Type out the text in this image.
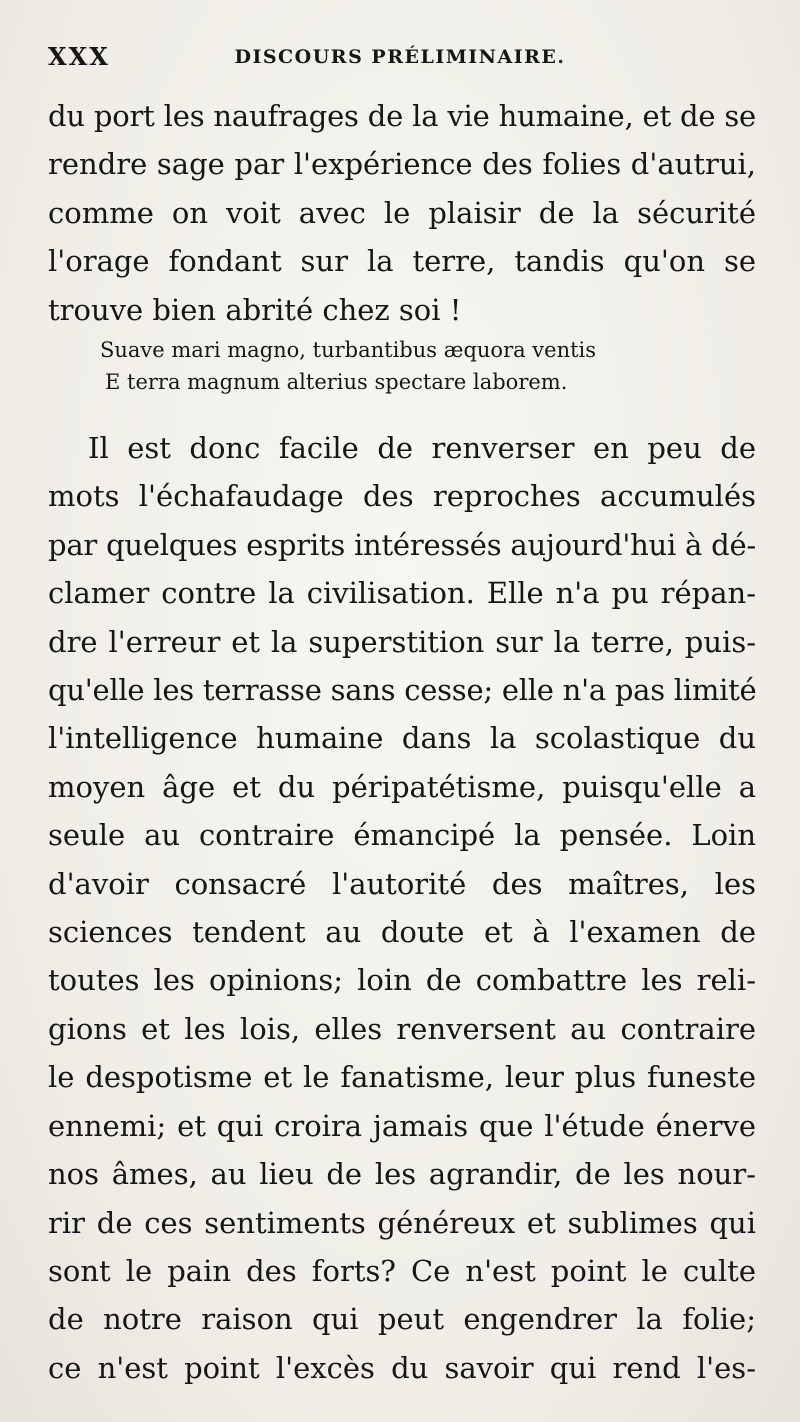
XXX	DISCOURS PRÉLIMINAIRE.
du port les naufrages de la vie humaine, et de se
rendre sage par l'expérience des folies d'autrui,
comme on voit avec le plaisir de la sécurité
l'orage fondant sur la terre, tandis qu'on se
trouve bien abrité chez soi !
Suave mari magno, turbantibus æquora ventis
E terra magnum alterius spectare laborem.
Il est donc facile de renverser en peu de
mots l'échafaudage des reproches accumulés
par quelques esprits intéressés aujourd'hui à dé-
clamer contre la civilisation. Elle n'a pu répan-
dre l'erreur et la superstition sur la terre, puis-
qu'elle les terrasse sans cesse; elle n'a pas limité
l'intelligence humaine dans la scolastique du
moyen âge et du péripatétisme, puisqu'elle a
seule au contraire émancipé la pensée. Loin
d'avoir consacré l'autorité des maîtres, les
sciences tendent au doute et à l'examen de
toutes les opinions; loin de combattre les reli-
gions et les lois, elles renversent au contraire
le despotisme et le fanatisme, leur plus funeste
ennemi; et qui croira jamais que l'étude énerve
nos âmes, au lieu de les agrandir, de les nour-
rir de ces sentiments généreux et sublimes qui
sont le pain des forts? Ce n'est point le culte
de notre raison qui peut engendrer la folie;
ce n'est point l'excès du savoir qui rend l'es-
